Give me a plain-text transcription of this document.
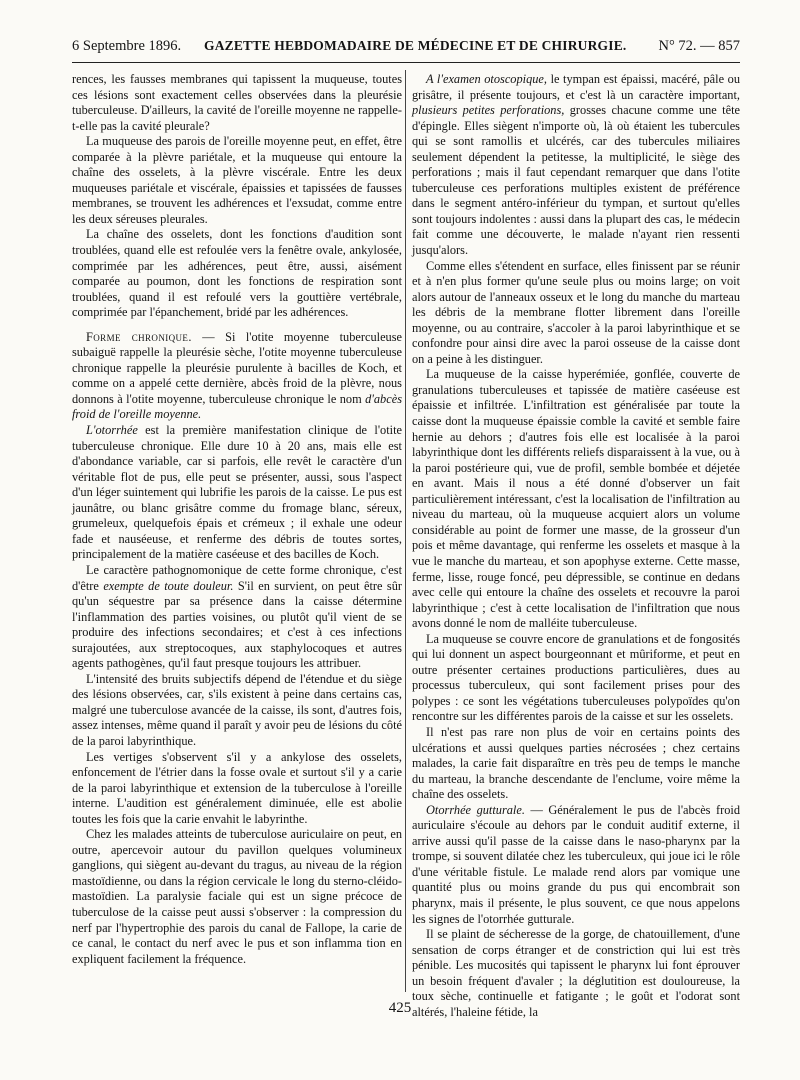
6 Septembre 1896. GAZETTE HEBDOMADAIRE DE MÉDECINE ET DE CHIRURGIE. N° 72. — 857

rences, les fausses membranes qui tapissent la muqueuse, toutes ces lésions sont exactement celles observées dans la pleurésie tuberculeuse. D'ailleurs, la cavité de l'oreille moyenne ne rappelle-t-elle pas la cavité pleurale?

La muqueuse des parois de l'oreille moyenne peut, en effet, être comparée à la plèvre pariétale, et la muqueuse qui entoure la chaîne des osselets, à la plèvre viscérale. Entre les deux muqueuses pariétale et viscérale, épaissies et tapissées de fausses membranes, se trouvent les adhérences et l'exsudat, comme entre les deux séreuses pleurales.

La chaîne des osselets, dont les fonctions d'audition sont troublées, quand elle est refoulée vers la fenêtre ovale, ankylosée, comprimée par les adhérences, peut être, aussi, aisément comparée au poumon, dont les fonctions de respiration sont troublées, quand il est refoulé vers la gouttière vertébrale, comprimée par l'épanchement, bridé par les adhérences.

Forme chronique. — Si l'otite moyenne tuberculeuse subaiguë rappelle la pleurésie sèche, l'otite moyenne tuberculeuse chronique rappelle la pleurésie purulente à bacilles de Koch, et comme on a appelé cette dernière, abcès froid de la plèvre, nous donnons à l'otite moyenne, tuberculeuse chronique le nom d'abcès froid de l'oreille moyenne.

L'otorrhée est la première manifestation clinique de l'otite tuberculeuse chronique. Elle dure 10 à 20 ans, mais elle est d'abondance variable, car si parfois, elle revêt le caractère d'un véritable flot de pus, elle peut se présenter, aussi, sous l'aspect d'un léger suintement qui lubrifie les parois de la caisse. Le pus est jaunâtre, ou blanc grisâtre comme du fromage blanc, séreux, grumeleux, quelquefois épais et crémeux ; il exhale une odeur fade et nauséeuse, et renferme des débris de toutes sortes, principalement de la matière caséeuse et des bacilles de Koch.

Le caractère pathognomonique de cette forme chronique, c'est d'être exempte de toute douleur. S'il en survient, on peut être sûr qu'un séquestre par sa présence dans la caisse détermine l'inflammation des parties voisines, ou plutôt qu'il vient de se produire des infections secondaires; et c'est à ces infections surajoutées, aux streptocoques, aux staphylocoques et autres agents pathogènes, qu'il faut presque toujours les attribuer.

L'intensité des bruits subjectifs dépend de l'étendue et du siège des lésions observées, car, s'ils existent à peine dans certains cas, malgré une tuberculose avancée de la caisse, ils sont, d'autres fois, assez intenses, même quand il paraît y avoir peu de lésions du côté de la paroi labyrinthique.

Les vertiges s'observent s'il y a ankylose des osselets, enfoncement de l'étrier dans la fosse ovale et surtout s'il y a carie de la paroi labyrinthique et extension de la tuberculose à l'oreille interne. L'audition est généralement diminuée, elle est abolie toutes les fois que la carie envahit le labyrinthe.

Chez les malades atteints de tuberculose auriculaire on peut, en outre, apercevoir autour du pavillon quelques volumineux ganglions, qui siègent au-devant du tragus, au niveau de la région mastoïdienne, ou dans la région cervicale le long du sterno-cléido-mastoïdien. La paralysie faciale qui est un signe précoce de tuberculose de la caisse peut aussi s'observer : la compression du nerf par l'hypertrophie des parois du canal de Fallope, la carie de ce canal, le contact du nerf avec le pus et son inflamma tion en expliquent facilement la fréquence.

A l'examen otoscopique, le tympan est épaissi, macéré, pâle ou grisâtre, il présente toujours, et c'est là un caractère important, plusieurs petites perforations, grosses chacune comme une tête d'épingle. Elles siègent n'importe où, là où étaient les tubercules qui se sont ramollis et ulcérés, car des tubercules miliaires seulement dépendent la petitesse, la multiplicité, le siège des perforations ; mais il faut cependant remarquer que dans l'otite tuberculeuse ces perforations multiples existent de préférence dans le segment antéro-inférieur du tympan, et surtout qu'elles sont toujours indolentes : aussi dans la plupart des cas, le médecin fait comme une découverte, le malade n'ayant rien ressenti jusqu'alors.

Comme elles s'étendent en surface, elles finissent par se réunir et à n'en plus former qu'une seule plus ou moins large; on voit alors autour de l'anneaux osseux et le long du manche du marteau les débris de la membrane flotter librement dans l'oreille moyenne, ou au contraire, s'accoler à la paroi labyrinthique et se confondre pour ainsi dire avec la paroi osseuse de la caisse dont on a peine à les distinguer.

La muqueuse de la caisse hyperémiée, gonflée, couverte de granulations tuberculeuses et tapissée de matière caséeuse est épaissie et infiltrée. L'infiltration est généralisée par toute la caisse dont la muqueuse épaissie comble la cavité et semble faire hernie au dehors ; d'autres fois elle est localisée à la paroi labyrinthique dont les différents reliefs disparaissent à la vue, ou à la paroi postérieure qui, vue de profil, semble bombée et déjetée en avant. Mais il nous a été donné d'observer un fait particulièrement intéressant, c'est la localisation de l'infiltration au niveau du marteau, où la muqueuse acquiert alors un volume considérable au point de former une masse, de la grosseur d'un pois et même davantage, qui renferme les osselets et masque à la vue le manche du marteau, et son apophyse externe. Cette masse, ferme, lisse, rouge foncé, peu dépressible, se continue en dedans avec celle qui entoure la chaîne des osselets et recouvre la paroi labyrinthique ; c'est à cette localisation de l'infiltration que nous avons donné le nom de malléite tuberculeuse.

La muqueuse se couvre encore de granulations et de fongosités qui lui donnent un aspect bourgeonnant et mûriforme, et peut en outre présenter certaines productions particulières, dues au processus tuberculeux, qui sont facilement prises pour des polypes : ce sont les végétations tuberculeuses polypoïdes qu'on rencontre sur les différentes parois de la caisse et sur les osselets.

Il n'est pas rare non plus de voir en certains points des ulcérations et aussi quelques parties nécrosées ; chez certains malades, la carie fait disparaître en très peu de temps le manche du marteau, la branche descendante de l'enclume, voire même la chaîne des osselets.

Otorrhée gutturale. — Généralement le pus de l'abcès froid auriculaire s'écoule au dehors par le conduit auditif externe, il arrive aussi qu'il passe de la caisse dans le naso-pharynx par la trompe, si souvent dilatée chez les tuberculeux, qui joue ici le rôle d'une véritable fistule. Le malade rend alors par vomique une quantité plus ou moins grande du pus qui encombrait son pharynx, mais il présente, le plus souvent, ce que nous appelons les signes de l'otorrhée gutturale.

Il se plaint de sécheresse de la gorge, de chatouillement, d'une sensation de corps étranger et de constriction qui lui est très pénible. Les mucosités qui tapissent le pharynx lui font éprouver un besoin fréquent d'avaler ; la déglutition est douloureuse, la toux sèche, continuelle et fatigante ; le goût et l'odorat sont altérés, l'haleine fétide, la

425
